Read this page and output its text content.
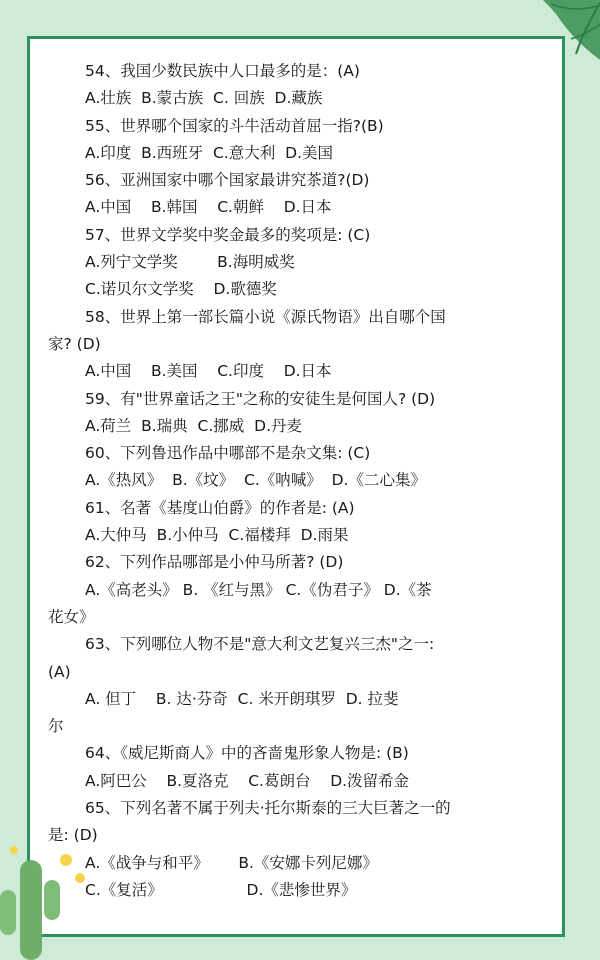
54、我国少数民族中人口最多的是：(A)
A.壮族  B.蒙古族  C. 回族  D.藏族
55、世界哪个国家的斗牛活动首屈一指?(B)
A.印度  B.西班牙  C.意大利  D.美国
56、亚洲国家中哪个国家最讲究茶道?(D)
A.中国    B.韩国    C.朝鲜    D.日本
57、世界文学奖中奖金最多的奖项是: (C)
A.列宁文学奖        B.海明威奖
C.诺贝尔文学奖    D.歌德奖
58、世界上第一部长篇小说《源氏物语》出自哪个国
家? (D)
A.中国    B.美国    C.印度    D.日本
59、有"世界童话之王"之称的安徒生是何国人? (D)
A.荷兰  B.瑞典  C.挪威  D.丹麦
60、下列鲁迅作品中哪部不是杂文集: (C)
A.《热风》  B.《坟》  C.《呐喊》  D.《二心集》
61、名著《基度山伯爵》的作者是: (A)
A.大仲马  B.小仲马  C.福楼拜  D.雨果
62、下列作品哪部是小仲马所著? (D)
A.《高老头》 B. 《红与黑》 C.《伪君子》 D.《茶
花女》
63、下列哪位人物不是"意大利文艺复兴三杰"之一:
(A)
A. 但丁    B. 达·芬奇  C. 米开朗琪罗  D. 拉斐
尔
64、《威尼斯商人》中的吝啬鬼形象人物是: (B)
A.阿巴公    B.夏洛克    C.葛朗台    D.泼留希金
65、下列名著不属于列夫·托尔斯泰的三大巨著之一的
是: (D)
A.《战争与和平》      B.《安娜卡列尼娜》
C.《复活》                 D.《悲惨世界》
